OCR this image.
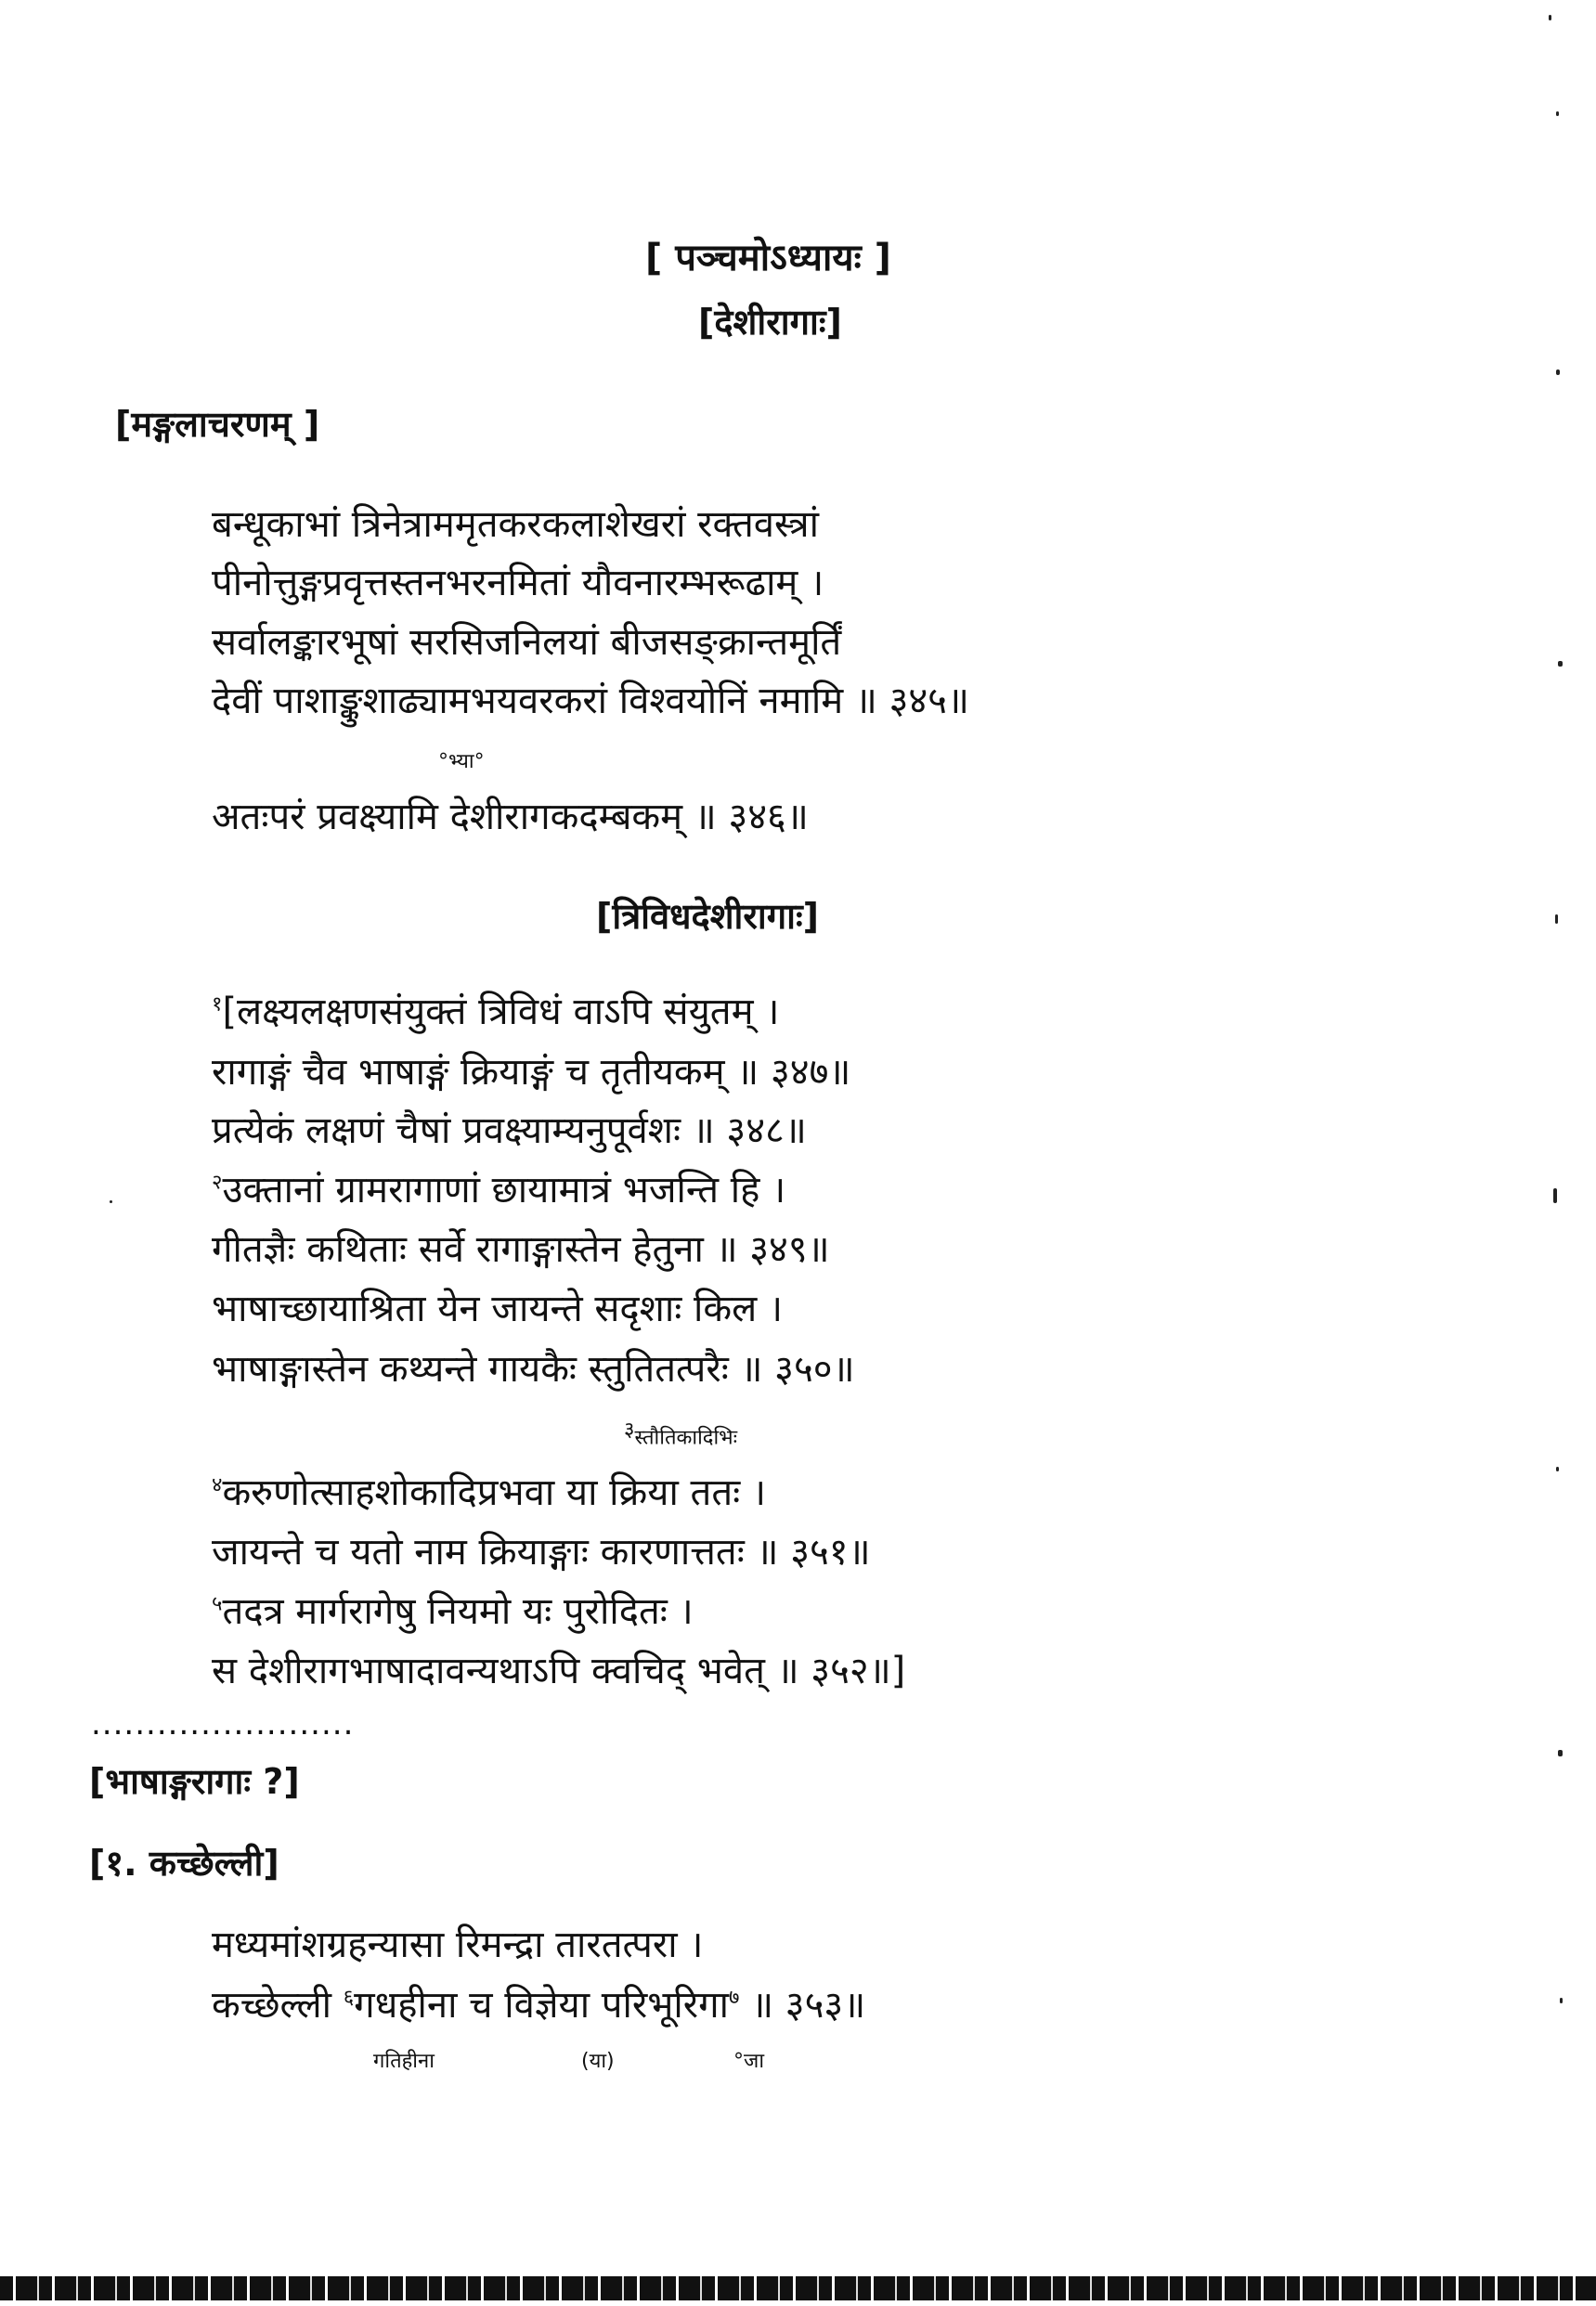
[ पञ्चमोऽध्यायः ]
[देशीरागाः]
[मङ्गलाचरणम् ]
बन्धूकाभां त्रिनेत्राममृतकरकलाशेखरां रक्तवस्त्रां
पीनोत्तुङ्गप्रवृत्तस्तनभरनमितां यौवनारम्भरूढाम् ।
सर्वालङ्कारभूषां सरसिजनिलयां बीजसङ्क्रान्तमूर्तिं
देवीं पाशाङ्कुशाढ्यामभयवरकरां विश्वयोनिं नमामि ॥ ३४५॥
°भ्या°
अतःपरं प्रवक्ष्यामि देशीरागकदम्बकम् ॥ ३४६॥
[त्रिविधदेशीरागाः]
$^१$[लक्ष्यलक्षणसंयुक्तं त्रिविधं वाऽपि संयुतम् ।
रागाङ्गं चैव भाषाङ्गं क्रियाङ्गं च तृतीयकम् ॥ ३४७॥
प्रत्येकं लक्षणं चैषां प्रवक्ष्याम्यनुपूर्वशः ॥ ३४८॥
$^२$उक्तानां ग्रामरागाणां छायामात्रं भजन्ति हि ।
गीतज्ञैः कथिताः सर्वे रागाङ्गास्तेन हेतुना ॥ ३४९॥
भाषाच्छायाश्रिता येन जायन्ते सदृशाः किल ।
भाषाङ्गास्तेन कथ्यन्ते गायकैः स्तुतितत्परैः ॥ ३५०॥
३स्तौतिकादिभिः
$^४$करुणोत्साहशोकादिप्रभवा या क्रिया ततः ।
जायन्ते च यतो नाम क्रियाङ्गाः कारणात्ततः ॥ ३५१॥
$^५$तदत्र मार्गरागेषु नियमो यः पुरोदितः ।
स देशीरागभाषादावन्यथाऽपि क्वचिद् भवेत् ॥ ३५२॥]
........................
[भाषाङ्गरागाः ?]
[१. कच्छेल्ली]
मध्यमांशग्रहन्यासा रिमन्द्रा तारतत्परा ।
कच्छेल्ली $^६$गधहीना च विज्ञेया परिभूरिगा$^७$ ॥ ३५३॥
गतिहीना	(या)	°जा
